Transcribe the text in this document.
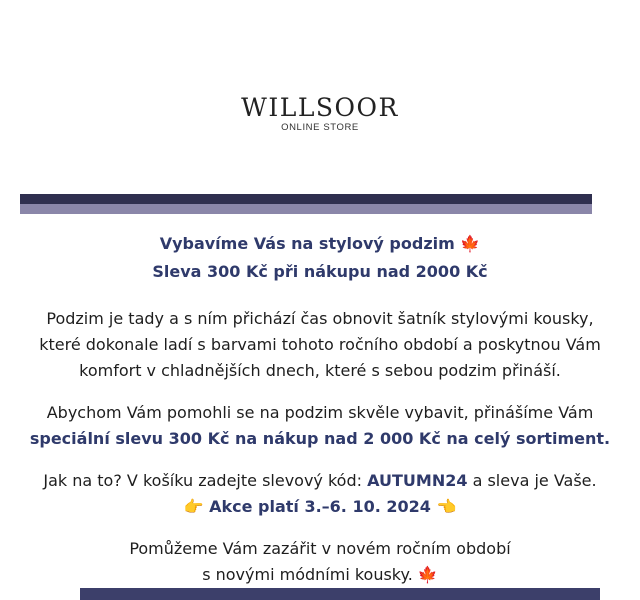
WILLSOOR
ONLINE STORE

Vybavíme Vás na stylový podzim 🍁

Sleva 300 Kč při nákupu nad 2000 Kč

Podzim je tady a s ním přichází čas obnovit šatník stylovými kousky,

které dokonale ladí s barvami tohoto ročního období a poskytnou Vám

komfort v chladnějších dnech, které s sebou podzim přináší.

Abychom Vám pomohli se na podzim skvěle vybavit, přinášíme Vám

speciální slevu 300 Kč na nákup nad 2 000 Kč na celý sortiment.

Jak na to? V košíku zadejte slevový kód: AUTUMN24 a sleva je Vaše.

👉 Akce platí 3.–6. 10. 2024 👈

Pomůžeme Vám zazářit v novém ročním období

s novými módními kousky. 🍁
